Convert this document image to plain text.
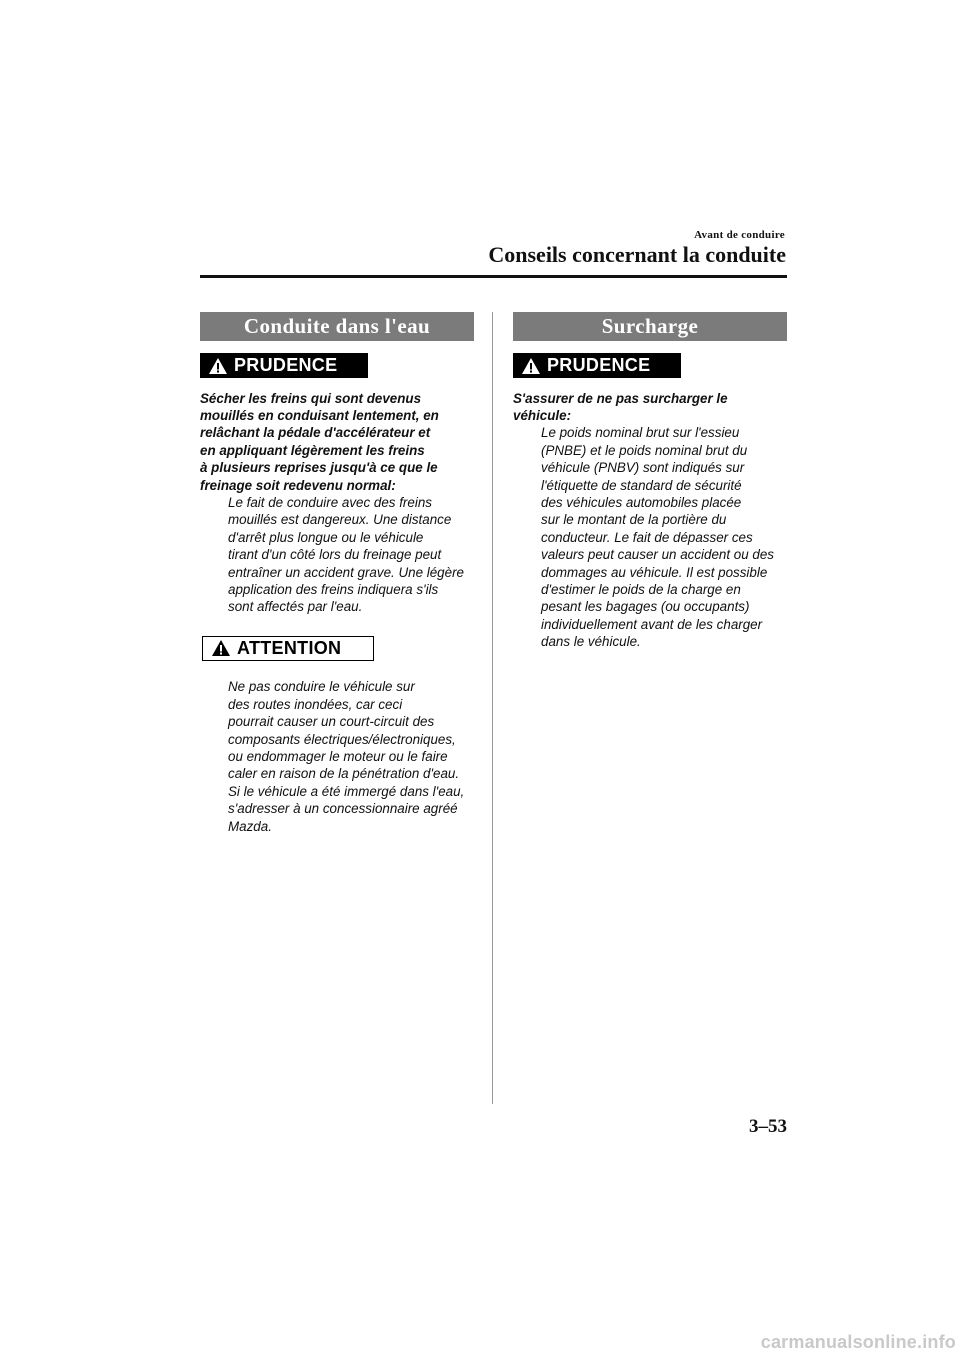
Avant de conduire
Conseils concernant la conduite
Conduite dans l'eau
PRUDENCE

Sécher les freins qui sont devenus
mouillés en conduisant lentement, en
relâchant la pédale d'accélérateur et
en appliquant légèrement les freins
à plusieurs reprises jusqu'à ce que le
freinage soit redevenu normal:

Le fait de conduire avec des freins
mouillés est dangereux. Une distance
d'arrêt plus longue ou le véhicule
tirant d'un côté lors du freinage peut
entraîner un accident grave. Une légère
application des freins indiquera s'ils
sont affectés par l'eau.

ATTENTION

Ne pas conduire le véhicule sur
des routes inondées, car ceci
pourrait causer un court-circuit des
composants électriques/électroniques,
ou endommager le moteur ou le faire
caler en raison de la pénétration d'eau.
Si le véhicule a été immergé dans l'eau,
s'adresser à un concessionnaire agréé
Mazda.

Surcharge
PRUDENCE

S'assurer de ne pas surcharger le
véhicule:

Le poids nominal brut sur l'essieu
(PNBE) et le poids nominal brut du
véhicule (PNBV) sont indiqués sur
l'étiquette de standard de sécurité
des véhicules automobiles placée
sur le montant de la portière du
conducteur. Le fait de dépasser ces
valeurs peut causer un accident ou des
dommages au véhicule. Il est possible
d'estimer le poids de la charge en
pesant les bagages (ou occupants)
individuellement avant de les charger
dans le véhicule.

3–53
carmanualsonline.info
